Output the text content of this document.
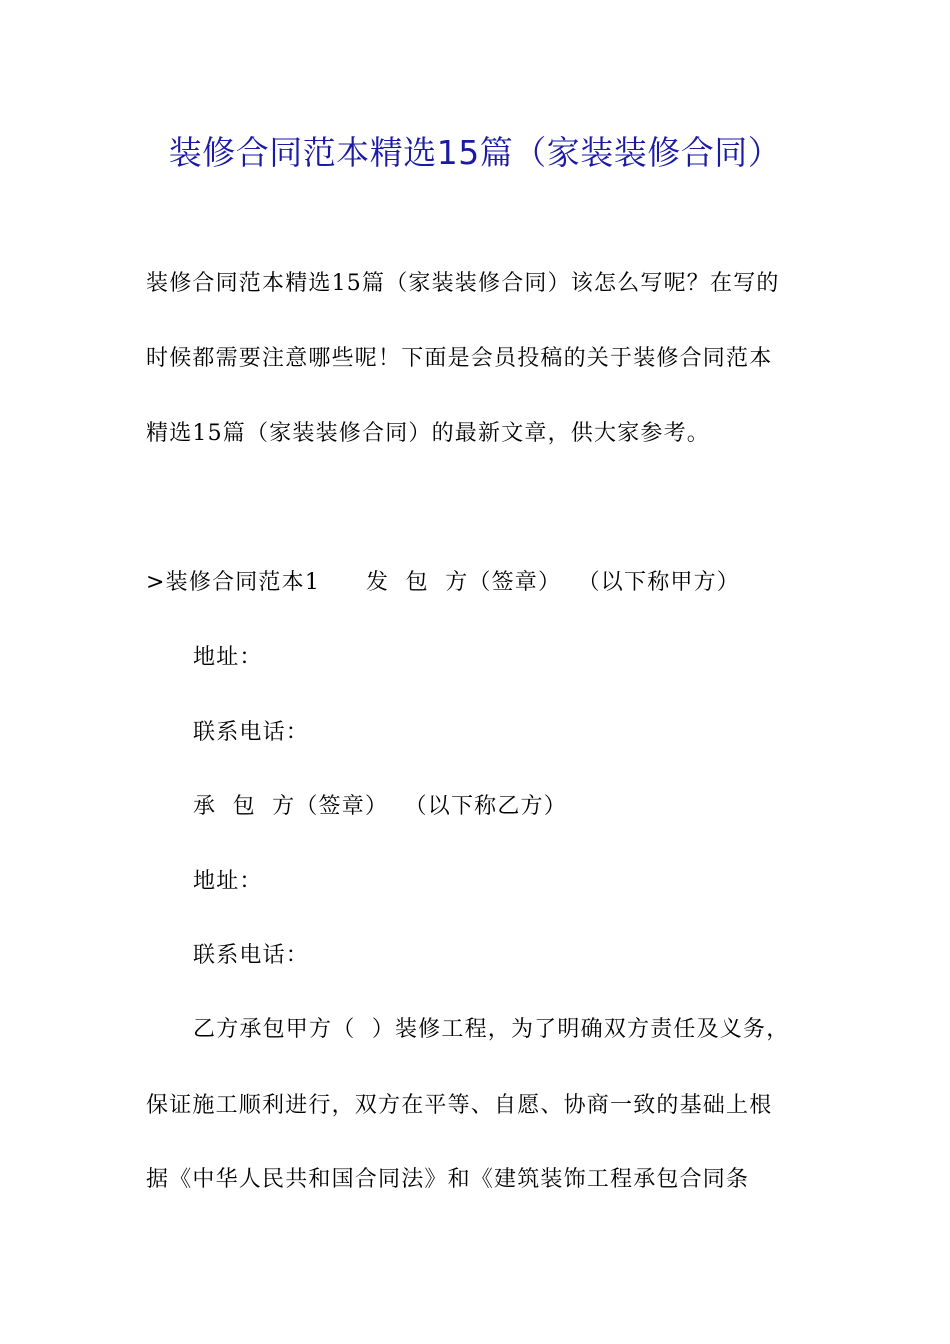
装修合同范本精选15篇（家装装修合同）
装修合同范本精选15篇（家装装修合同）该怎么写呢？在写的
时候都需要注意哪些呢！下面是会员投稿的关于装修合同范本
精选15篇（家装装修合同）的最新文章，供大家参考。
>装修合同范本1 发  包  方（签章）  （以下称甲方）
地址：
联系电话：
承  包  方（签章）  （以下称乙方）
地址：
联系电话：
乙方承包甲方（  ）装修工程，为了明确双方责任及义务，
保证施工顺利进行，双方在平等、自愿、协商一致的基础上根
据《中华人民共和国合同法》和《建筑装饰工程承包合同条
